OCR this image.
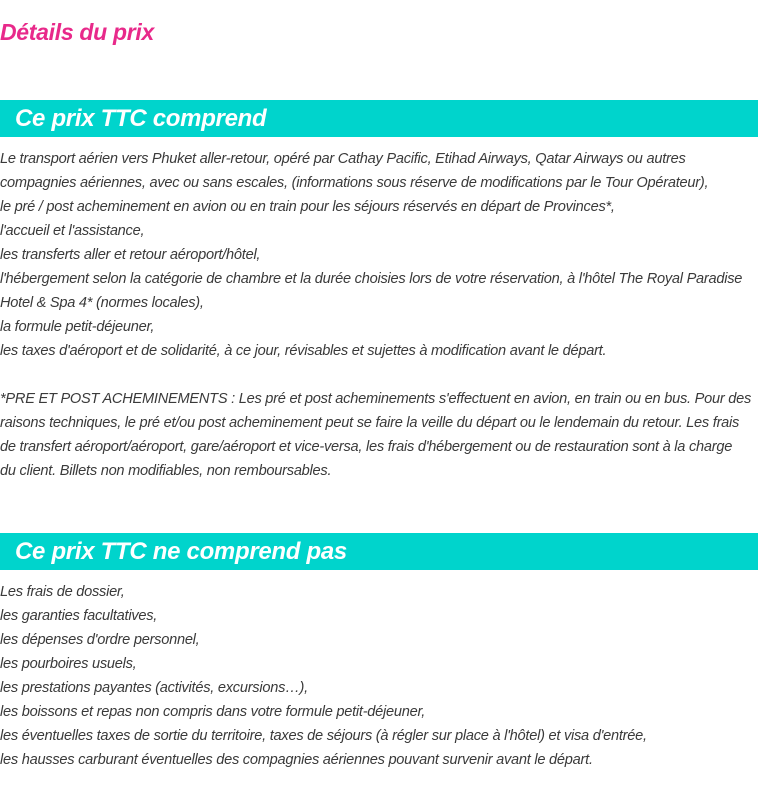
Détails du prix
Ce prix TTC comprend
Le transport aérien vers Phuket aller-retour, opéré par Cathay Pacific, Etihad Airways, Qatar Airways ou autres
compagnies aériennes, avec ou sans escales, (informations sous réserve de modifications par le Tour Opérateur),
le pré / post acheminement en avion ou en train pour les séjours réservés en départ de Provinces*,
l'accueil et l'assistance,
les transferts aller et retour aéroport/hôtel,
l'hébergement selon la catégorie de chambre et la durée choisies lors de votre réservation, à l'hôtel The Royal Paradise
Hotel & Spa 4* (normes locales),
la formule petit-déjeuner,
les taxes d'aéroport et de solidarité, à ce jour, révisables et sujettes à modification avant le départ.
*PRE ET POST ACHEMINEMENTS : Les pré et post acheminements s'effectuent en avion, en train ou en bus. Pour des
raisons techniques, le pré et/ou post acheminement peut se faire la veille du départ ou le lendemain du retour. Les frais
de transfert aéroport/aéroport, gare/aéroport et vice-versa, les frais d'hébergement ou de restauration sont à la charge
du client. Billets non modifiables, non remboursables.
Ce prix TTC ne comprend pas
Les frais de dossier,
les garanties facultatives,
les dépenses d'ordre personnel,
les pourboires usuels,
les prestations payantes (activités, excursions…),
les boissons et repas non compris dans votre formule petit-déjeuner,
les éventuelles taxes de sortie du territoire, taxes de séjours (à régler sur place à l'hôtel) et visa d'entrée,
les hausses carburant éventuelles des compagnies aériennes pouvant survenir avant le départ.
